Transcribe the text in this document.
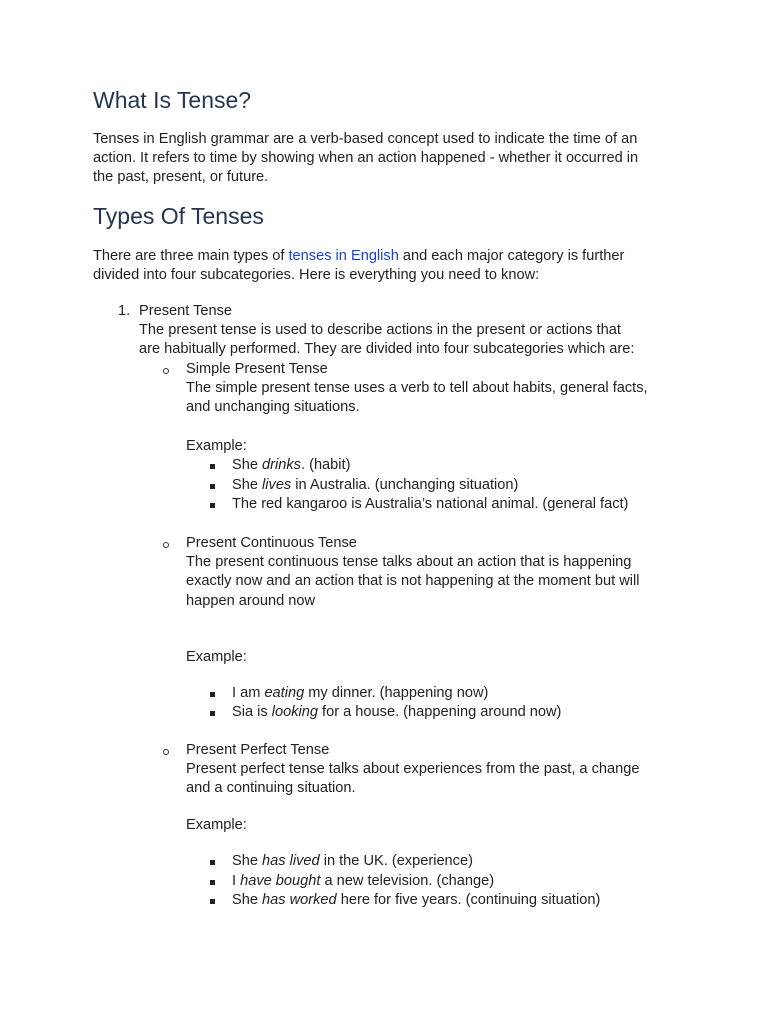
What Is Tense?
Tenses in English grammar are a verb-based concept used to indicate the time of an
action. It refers to time by showing when an action happened - whether it occurred in
the past, present, or future.
Types Of Tenses
There are three main types of tenses in English and each major category is further
divided into four subcategories. Here is everything you need to know:
1. Present Tense
The present tense is used to describe actions in the present or actions that
are habitually performed. They are divided into four subcategories which are:
Simple Present Tense
The simple present tense uses a verb to tell about habits, general facts,
and unchanging situations.
Example:
She drinks. (habit)
She lives in Australia. (unchanging situation)
The red kangaroo is Australia’s national animal. (general fact)
Present Continuous Tense
The present continuous tense talks about an action that is happening
exactly now and an action that is not happening at the moment but will
happen around now
Example:
I am eating my dinner. (happening now)
Sia is looking for a house. (happening around now)
Present Perfect Tense
Present perfect tense talks about experiences from the past, a change
and a continuing situation.
Example:
She has lived in the UK. (experience)
I have bought a new television. (change)
She has worked here for five years. (continuing situation)
